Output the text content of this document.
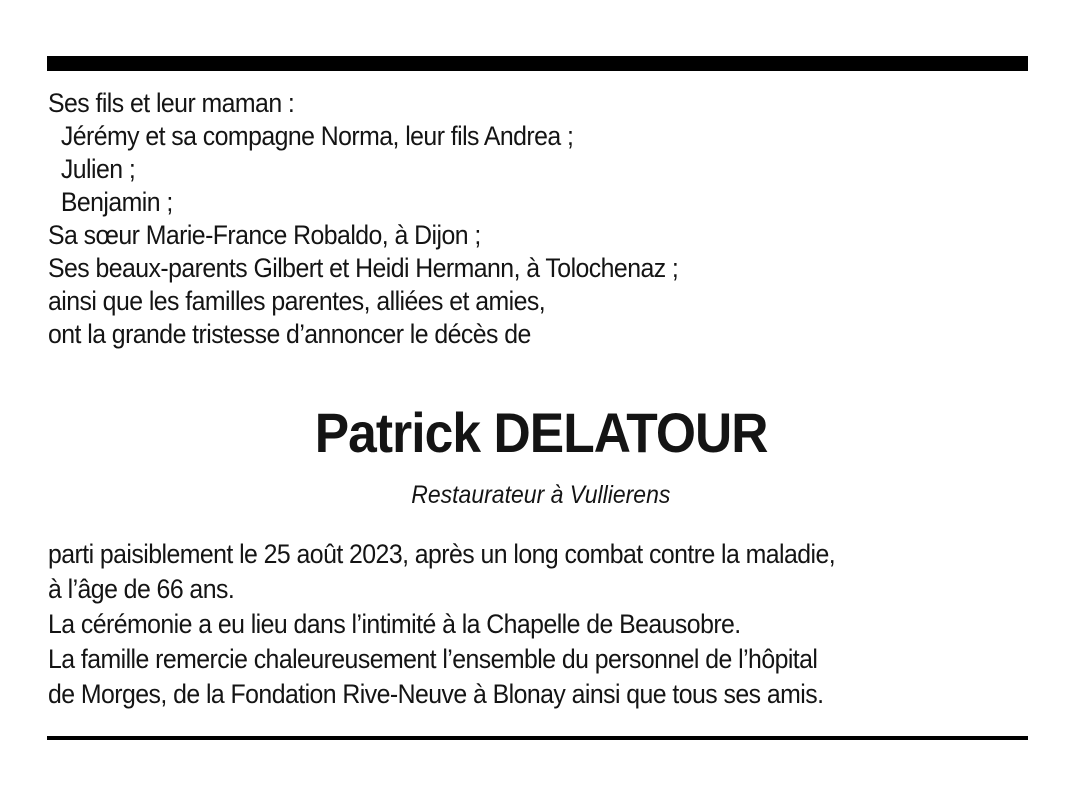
Ses fils et leur maman :
Jérémy et sa compagne Norma, leur fils Andrea ;
Julien ;
Benjamin ;
Sa sœur Marie-France Robaldo, à Dijon ;
Ses beaux-parents Gilbert et Heidi Hermann, à Tolochenaz ;
ainsi que les familles parentes, alliées et amies,
ont la grande tristesse d’annoncer le décès de
Patrick DELATOUR
Restaurateur à Vullierens
parti paisiblement le 25 août 2023, après un long combat contre la maladie,
à l’âge de 66 ans.
La cérémonie a eu lieu dans l’intimité à la Chapelle de Beausobre.
La famille remercie chaleureusement l’ensemble du personnel de l’hôpital
de Morges, de la Fondation Rive-Neuve à Blonay ainsi que tous ses amis.
